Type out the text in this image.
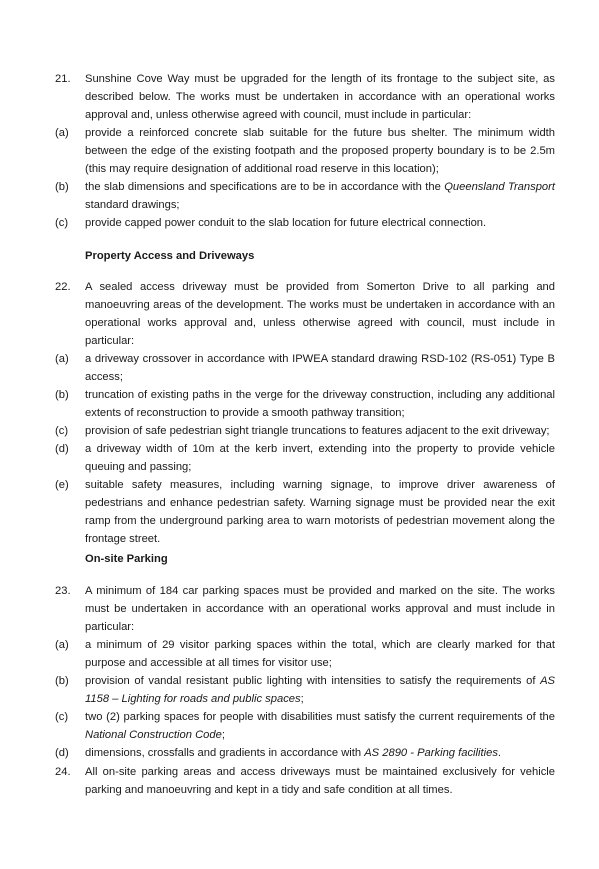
21.	Sunshine Cove Way must be upgraded for the length of its frontage to the subject site, as described below. The works must be undertaken in accordance with an operational works approval and, unless otherwise agreed with council, must include in particular:
(a) provide a reinforced concrete slab suitable for the future bus shelter. The minimum width between the edge of the existing footpath and the proposed property boundary is to be 2.5m (this may require designation of additional road reserve in this location);
(b) the slab dimensions and specifications are to be in accordance with the Queensland Transport standard drawings;
(c) provide capped power conduit to the slab location for future electrical connection.
Property Access and Driveways
22.	A sealed access driveway must be provided from Somerton Drive to all parking and manoeuvring areas of the development. The works must be undertaken in accordance with an operational works approval and, unless otherwise agreed with council, must include in particular:
(a) a driveway crossover in accordance with IPWEA standard drawing RSD-102 (RS-051) Type B access;
(b) truncation of existing paths in the verge for the driveway construction, including any additional extents of reconstruction to provide a smooth pathway transition;
(c) provision of safe pedestrian sight triangle truncations to features adjacent to the exit driveway;
(d) a driveway width of 10m at the kerb invert, extending into the property to provide vehicle queuing and passing;
(e) suitable safety measures, including warning signage, to improve driver awareness of pedestrians and enhance pedestrian safety. Warning signage must be provided near the exit ramp from the underground parking area to warn motorists of pedestrian movement along the frontage street.
On-site Parking
23.	A minimum of 184 car parking spaces must be provided and marked on the site. The works must be undertaken in accordance with an operational works approval and must include in particular:
(a) a minimum of 29 visitor parking spaces within the total, which are clearly marked for that purpose and accessible at all times for visitor use;
(b) provision of vandal resistant public lighting with intensities to satisfy the requirements of AS 1158 – Lighting for roads and public spaces;
(c) two (2) parking spaces for people with disabilities must satisfy the current requirements of the National Construction Code;
(d) dimensions, crossfalls and gradients in accordance with AS 2890 - Parking facilities.
24.	All on-site parking areas and access driveways must be maintained exclusively for vehicle parking and manoeuvring and kept in a tidy and safe condition at all times.
